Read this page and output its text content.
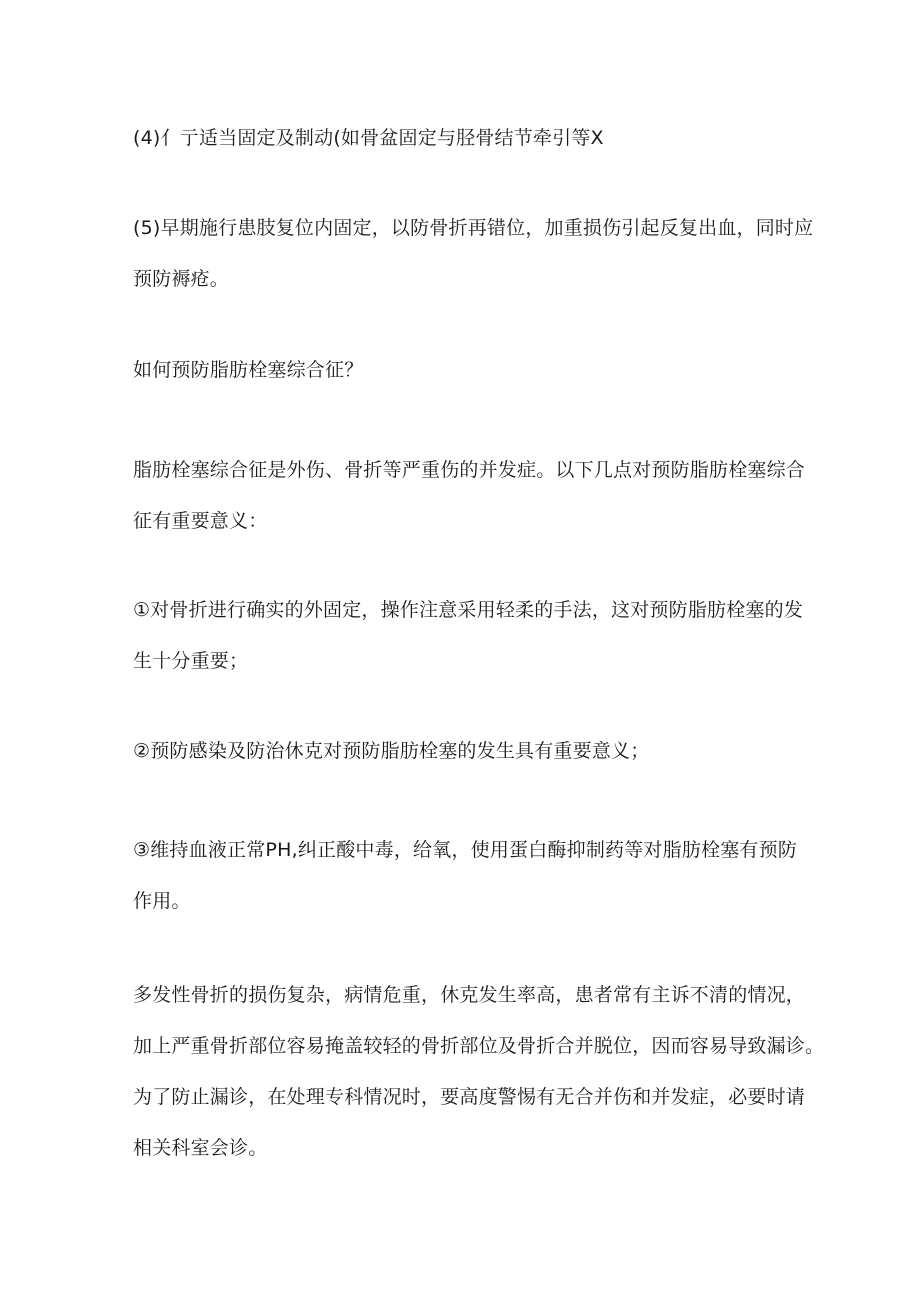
(4)亻亍适当固定及制动(如骨盆固定与胫骨结节牵引等Ⅹ

(5)早期施行患肢复位内固定，以防骨折再错位，加重损伤引起反复出血，同时应
预防褥疮。

如何预防脂肪栓塞综合征？

脂肪栓塞综合征是外伤、骨折等严重伤的并发症。以下几点对预防脂肪栓塞综合
征有重要意义：

①对骨折进行确实的外固定，操作注意采用轻柔的手法，这对预防脂肪栓塞的发
生十分重要；

②预防感染及防治休克对预防脂肪栓塞的发生具有重要意义；

③维持血液正常PH,纠正酸中毒，给氧，使用蛋白酶抑制药等对脂肪栓塞有预防
作用。

多发性骨折的损伤复杂，病情危重，休克发生率高，患者常有主诉不清的情况，
加上严重骨折部位容易掩盖较轻的骨折部位及骨折合并脱位，因而容易导致漏诊。
为了防止漏诊，在处理专科情况时，要高度警惕有无合并伤和并发症，必要时请
相关科室会诊。
